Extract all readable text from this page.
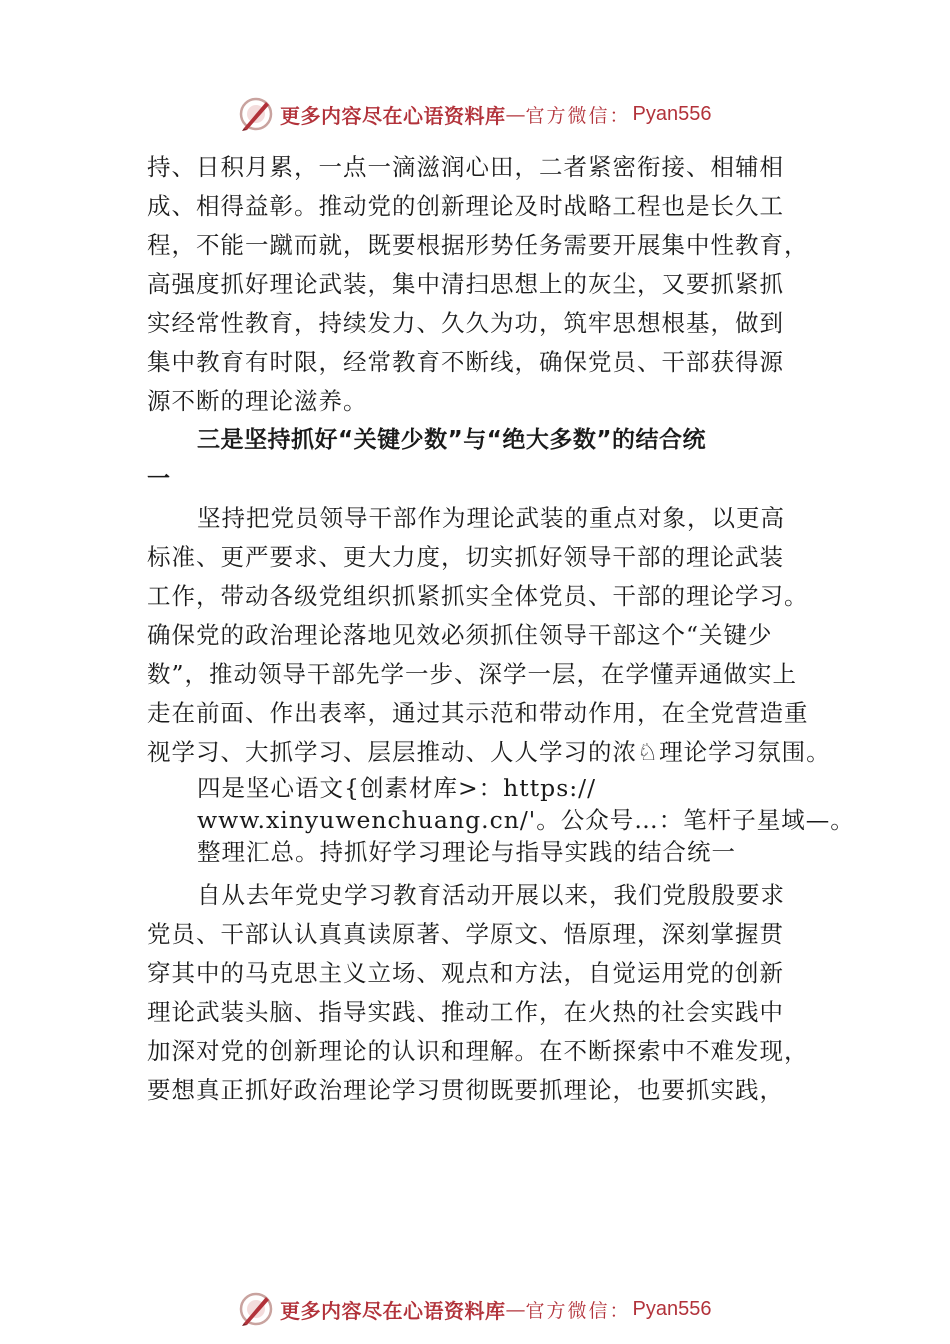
更多内容尽在心语资料库 — 官方微信 ： Pyan556
持、日积月累，一点一滴滋润心田，二者紧密衔接、相辅相
成、相得益彰。推动党的创新理论及时战略工程也是长久工
程，不能一蹴而就，既要根据形势任务需要开展集中性教育，
高强度抓好理论武装，集中清扫思想上的灰尘，又要抓紧抓
实经常性教育，持续发力、久久为功，筑牢思想根基，做到
集中教育有时限，经常教育不断线，确保党员、干部获得源
源不断的理论滋养。
三是坚持抓好“关键少数”与“绝大多数”的结合统
一
坚持把党员领导干部作为理论武装的重点对象，以更高
标准、更严要求、更大力度，切实抓好领导干部的理论武装
工作，带动各级党组织抓紧抓实全体党员、干部的理论学习。
确保党的政治理论落地见效必须抓住领导干部这个“关键少
数”，推动领导干部先学一步、深学一层，在学懂弄通做实上
走在前面、作出表率，通过其示范和带动作用，在全党营造重
视学习、大抓学习、层层推动、人人学习的浓♘理论学习氛围。
四是坚心语文{创素材库>：https://
www.xinyuwenchuang.cn/'。公众号…：笔杆子星域—。
整理汇总。持抓好学习理论与指导实践的结合统一
自从去年党史学习教育活动开展以来，我们党殷殷要求
党员、干部认认真真读原著、学原文、悟原理，深刻掌握贯
穿其中的马克思主义立场、观点和方法，自觉运用党的创新
理论武装头脑、指导实践、推动工作，在火热的社会实践中
加深对党的创新理论的认识和理解。在不断探索中不难发现，
要想真正抓好政治理论学习贯彻既要抓理论，也要抓实践，
更多内容尽在心语资料库 — 官方微信 ： Pyan556
